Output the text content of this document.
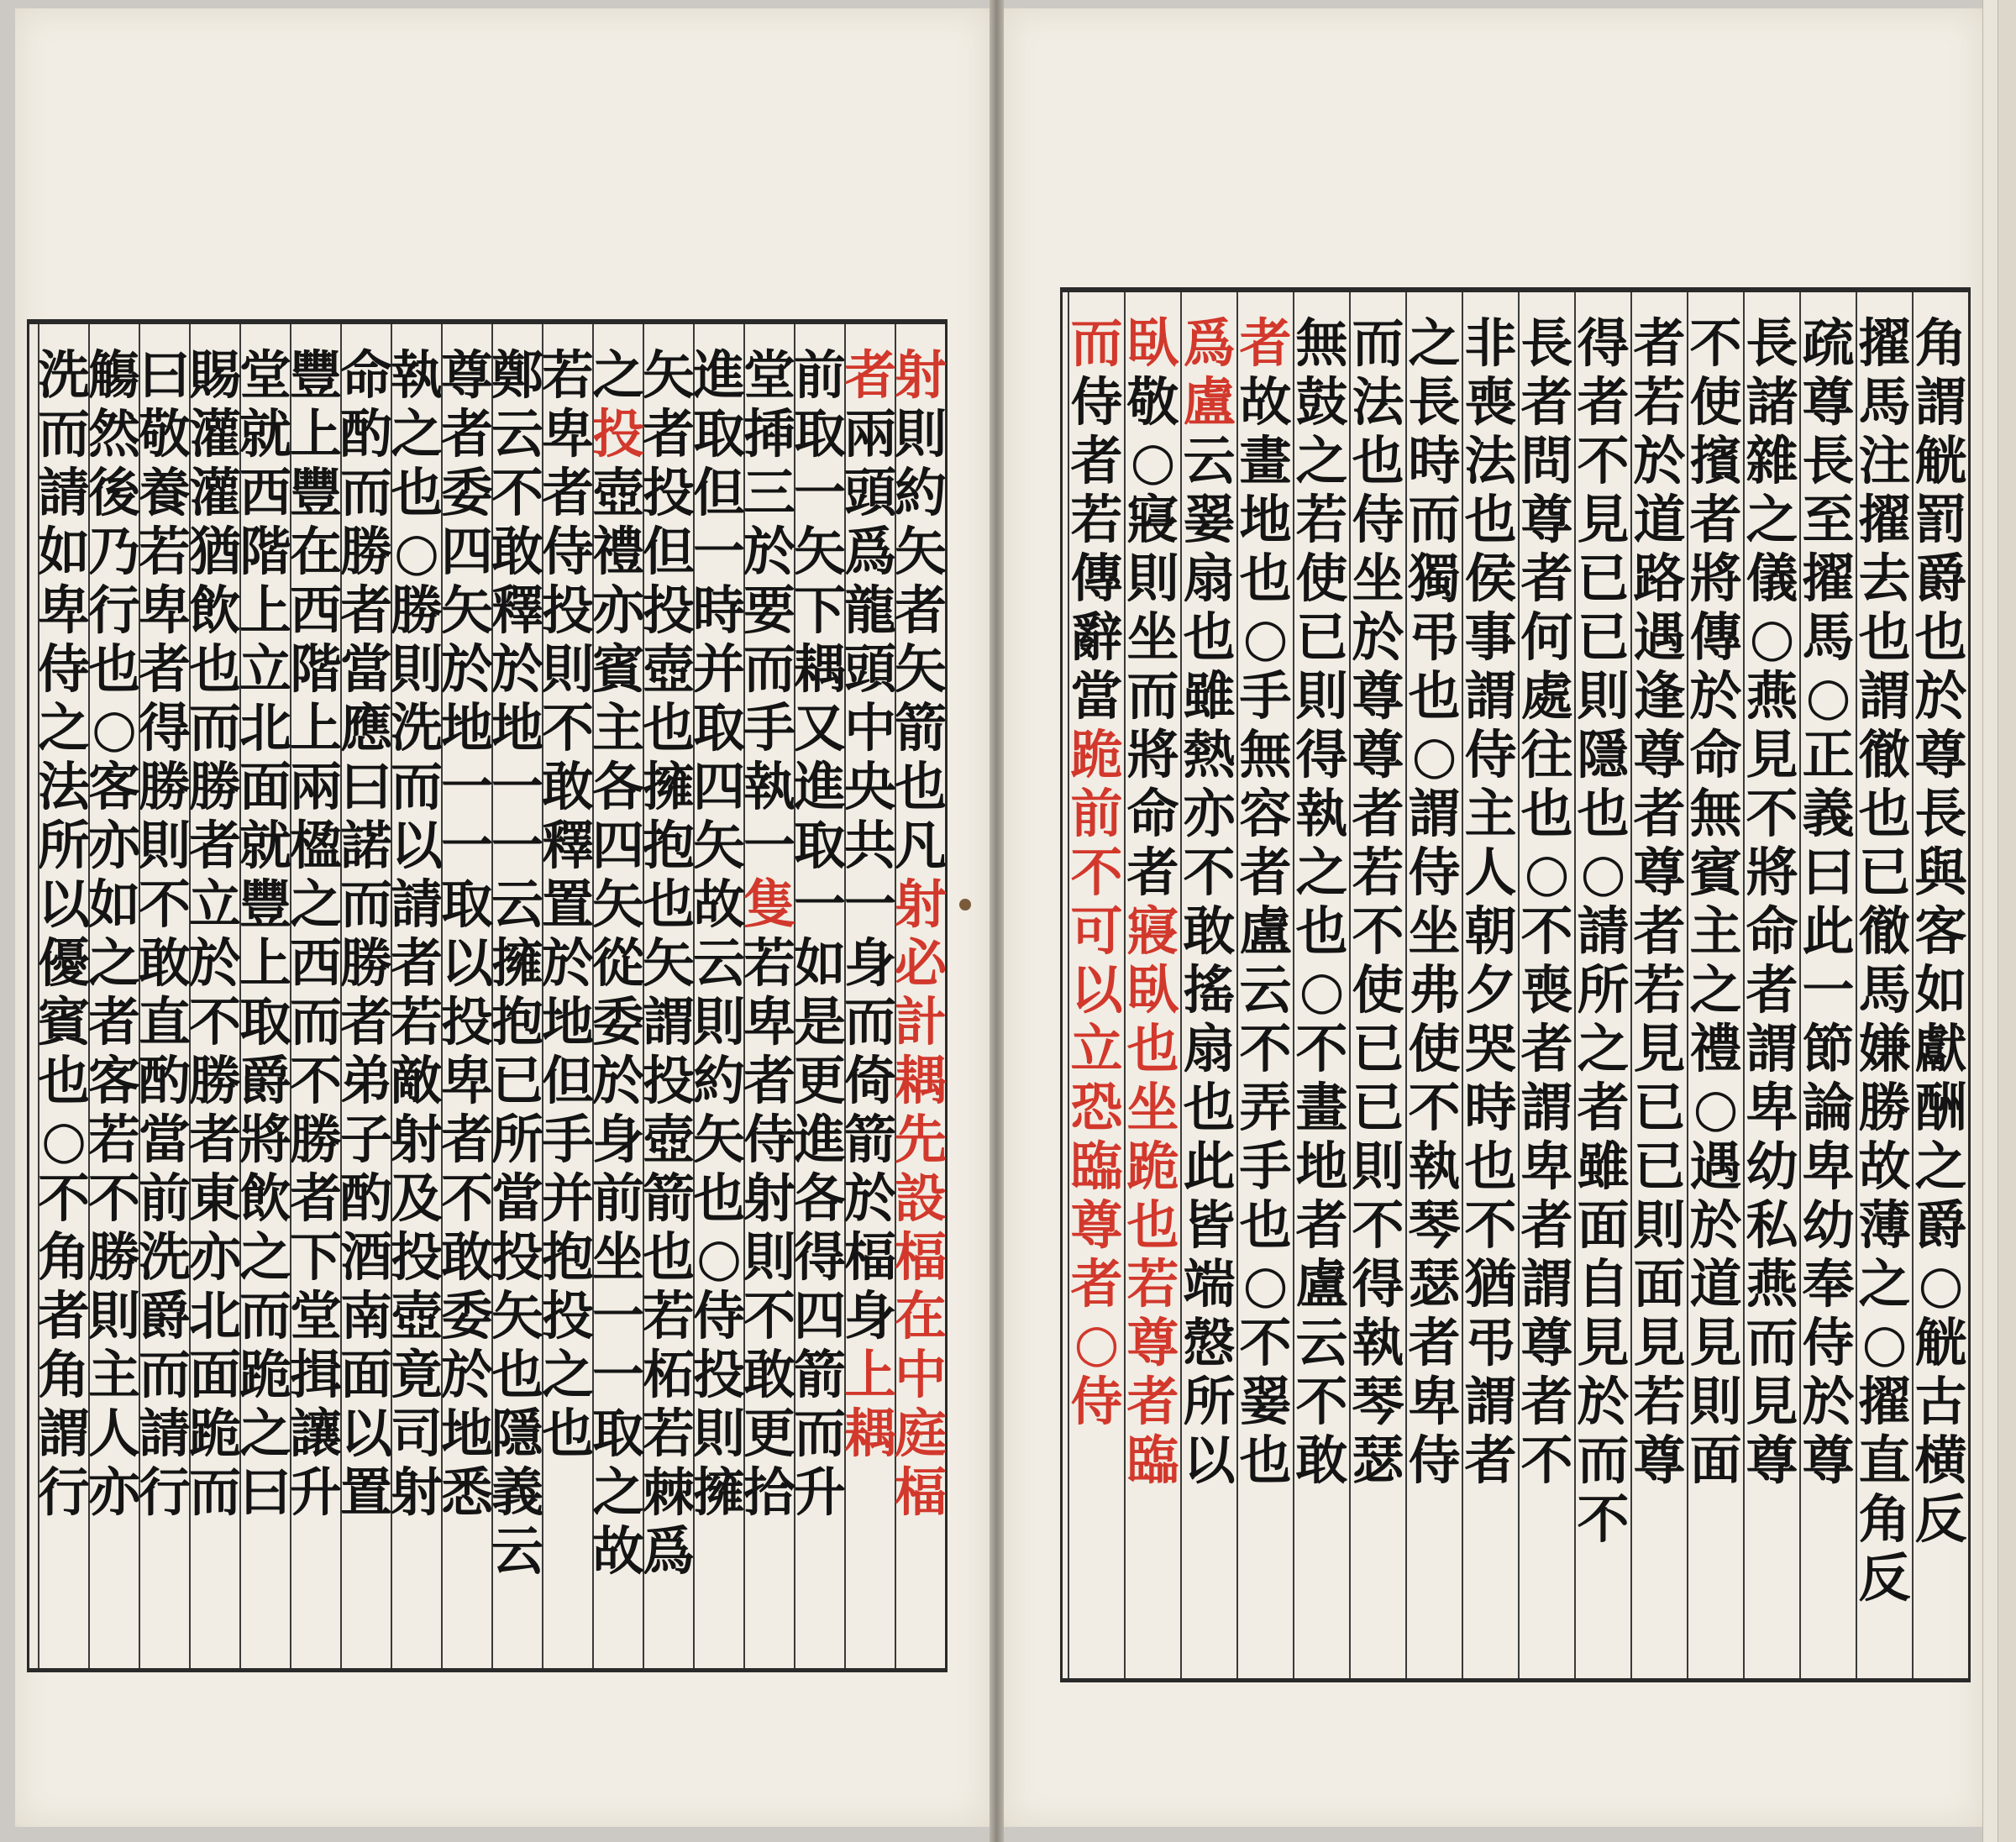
射
則
約
矢
者
矢
箭
也
凡
射
必
計
耦
先
設
楅
在
中
庭
楅
者
兩
頭
爲
龍
頭
中
央
共
一
身
而
倚
箭
於
楅
身
上
耦
前
取
一
矢
下
耦
又
進
取
一
如
是
更
進
各
得
四
箭
而
升
堂
揷
三
於
要
而
手
執
一
隻
若
卑
者
侍
射
則
不
敢
更
拾
進
取
但
一
時
并
取
四
矢
故
云
則
約
矢
也
○
侍
投
則
擁
矢
者
投
但
投
壺
也
擁
抱
也
矢
謂
投
壺
箭
也
若
柘
若
棘
爲
之
投
壺
禮
亦
賓
主
各
四
矢
從
委
於
身
前
坐
一
一
取
之
故
若
卑
者
侍
投
則
不
敢
釋
置
於
地
但
手
并
抱
投
之
也
鄭
云
不
敢
釋
於
地
一
一
云
擁
抱
已
所
當
投
矢
也
隱
義
云
尊
者
委
四
矢
於
地
一
一
取
以
投
卑
者
不
敢
委
於
地
悉
執
之
也
○
勝
則
洗
而
以
請
者
若
敵
射
及
投
壺
竟
司
射
命
酌
而
勝
者
當
應
曰
諾
而
勝
者
弟
子
酌
酒
南
面
以
置
豐
上
豐
在
西
階
上
兩
楹
之
西
而
不
勝
者
下
堂
揖
讓
升
堂
就
西
階
上
立
北
面
就
豐
上
取
爵
將
飲
之
而
跪
之
曰
賜
灌
灌
猶
飲
也
而
勝
者
立
於
不
勝
者
東
亦
北
面
跪
而
曰
敬
養
若
卑
者
得
勝
則
不
敢
直
酌
當
前
洗
爵
而
請
行
觴
然
後
乃
行
也
○
客
亦
如
之
者
客
若
不
勝
則
主
人
亦
洗
而
請
如
卑
侍
之
法
所
以
優
賓
也
○
不
角
者
角
謂
行
角
謂
觥
罰
爵
也
於
尊
長
與
客
如
獻
酬
之
爵
○
觥
古
横
反
擢
馬
注
擢
去
也
謂
徹
也
已
徹
馬
嫌
勝
故
薄
之
○
擢
直
角
反
疏
尊
長
至
擢
馬
○
正
義
曰
此
一
節
論
卑
幼
奉
侍
於
尊
長
諸
雜
之
儀
○
燕
見
不
將
命
者
謂
卑
幼
私
燕
而
見
尊
不
使
擯
者
將
傳
於
命
無
賓
主
之
禮
○
遇
於
道
見
則
面
者
若
於
道
路
遇
逢
尊
者
尊
者
若
見
已
已
則
面
見
若
尊
得
者
不
見
已
已
則
隱
也
○
請
所
之
者
雖
面
自
見
於
而
不
長
者
問
尊
者
何
處
往
也
○
不
喪
者
謂
卑
者
謂
尊
者
不
非
喪
法
也
侯
事
謂
侍
主
人
朝
夕
哭
時
也
不
猶
弔
謂
者
之
長
時
而
獨
弔
也
○
謂
侍
坐
弗
使
不
執
琴
瑟
者
卑
侍
而
法
也
侍
坐
於
尊
尊
者
若
不
使
已
已
則
不
得
執
琴
瑟
無
鼓
之
若
使
已
則
得
執
之
也
○
不
畫
地
者
盧
云
不
敢
者
故
畫
地
也
○
手
無
容
者
盧
云
不
弄
手
也
○
不
翣
也
爲
盧
云
翣
扇
也
雖
熱
亦
不
敢
搖
扇
也
此
皆
端
慤
所
以
臥
敬
○
寢
則
坐
而
將
命
者
寢
臥
也
坐
跪
也
若
尊
者
臨
而
侍
者
若
傳
辭
當
跪
前
不
可
以
立
恐
臨
尊
者
○
侍
